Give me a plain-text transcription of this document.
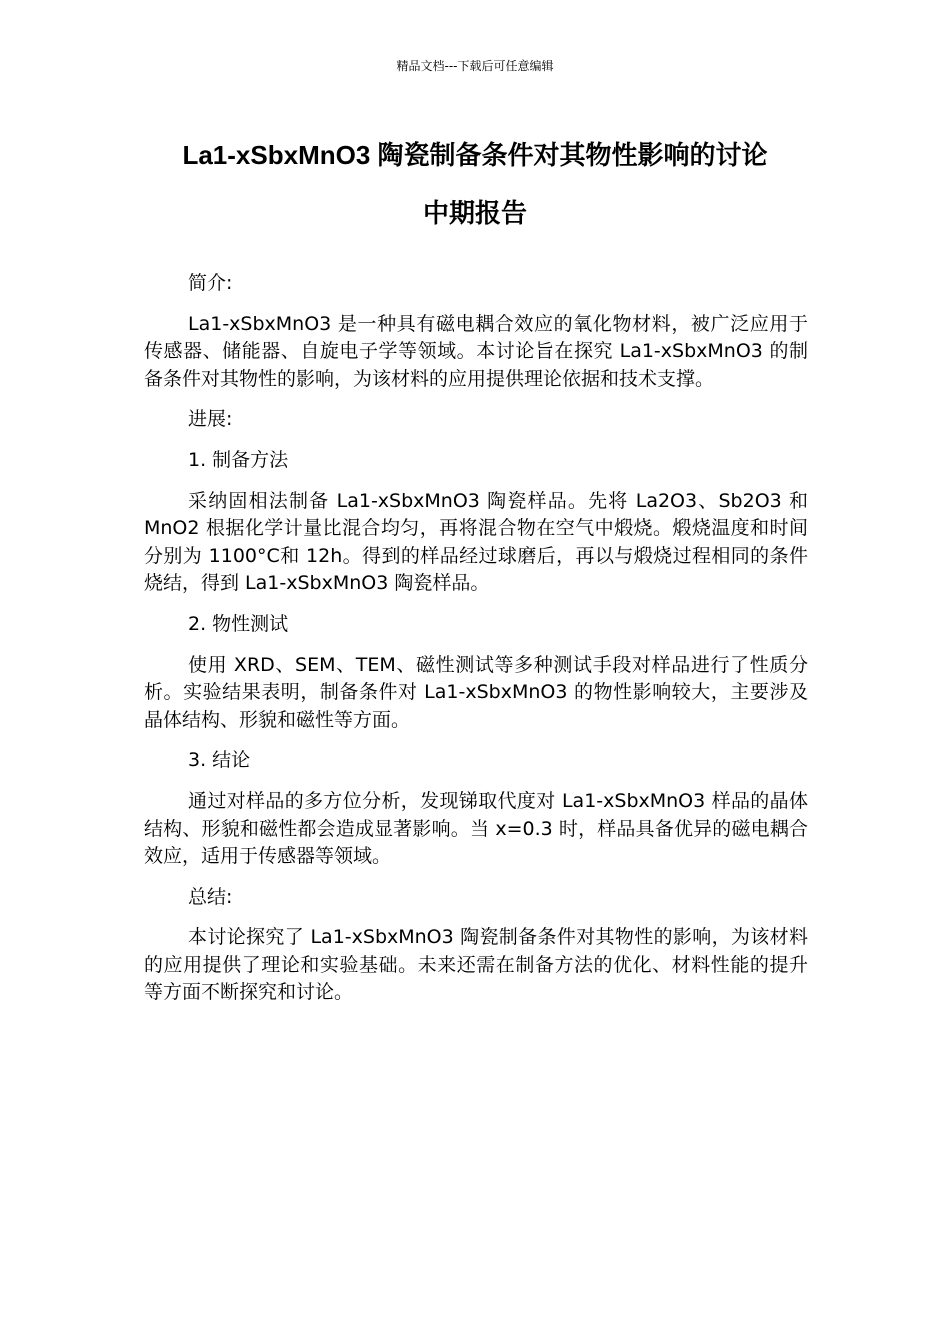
精品文档---下载后可任意编辑
La1-xSbxMnO3 陶瓷制备条件对其物性影响的讨论
中期报告

简介:

La1-xSbxMnO3 是一种具有磁电耦合效应的氧化物材料，被广泛应用于传感器、储能器、自旋电子学等领域。本讨论旨在探究 La1-xSbxMnO3 的制备条件对其物性的影响，为该材料的应用提供理论依据和技术支撑。

进展:

1. 制备方法

采纳固相法制备 La1-xSbxMnO3 陶瓷样品。先将 La2O3、Sb2O3 和 MnO2 根据化学计量比混合均匀，再将混合物在空气中煅烧。煅烧温度和时间分别为 1100°C和 12h。得到的样品经过球磨后，再以与煅烧过程相同的条件烧结，得到 La1-xSbxMnO3 陶瓷样品。

2. 物性测试

使用 XRD、SEM、TEM、磁性测试等多种测试手段对样品进行了性质分析。实验结果表明，制备条件对 La1-xSbxMnO3 的物性影响较大，主要涉及晶体结构、形貌和磁性等方面。

3. 结论

通过对样品的多方位分析，发现锑取代度对 La1-xSbxMnO3 样品的晶体结构、形貌和磁性都会造成显著影响。当 x=0.3 时，样品具备优异的磁电耦合效应，适用于传感器等领域。

总结:

本讨论探究了 La1-xSbxMnO3 陶瓷制备条件对其物性的影响，为该材料的应用提供了理论和实验基础。未来还需在制备方法的优化、材料性能的提升等方面不断探究和讨论。
